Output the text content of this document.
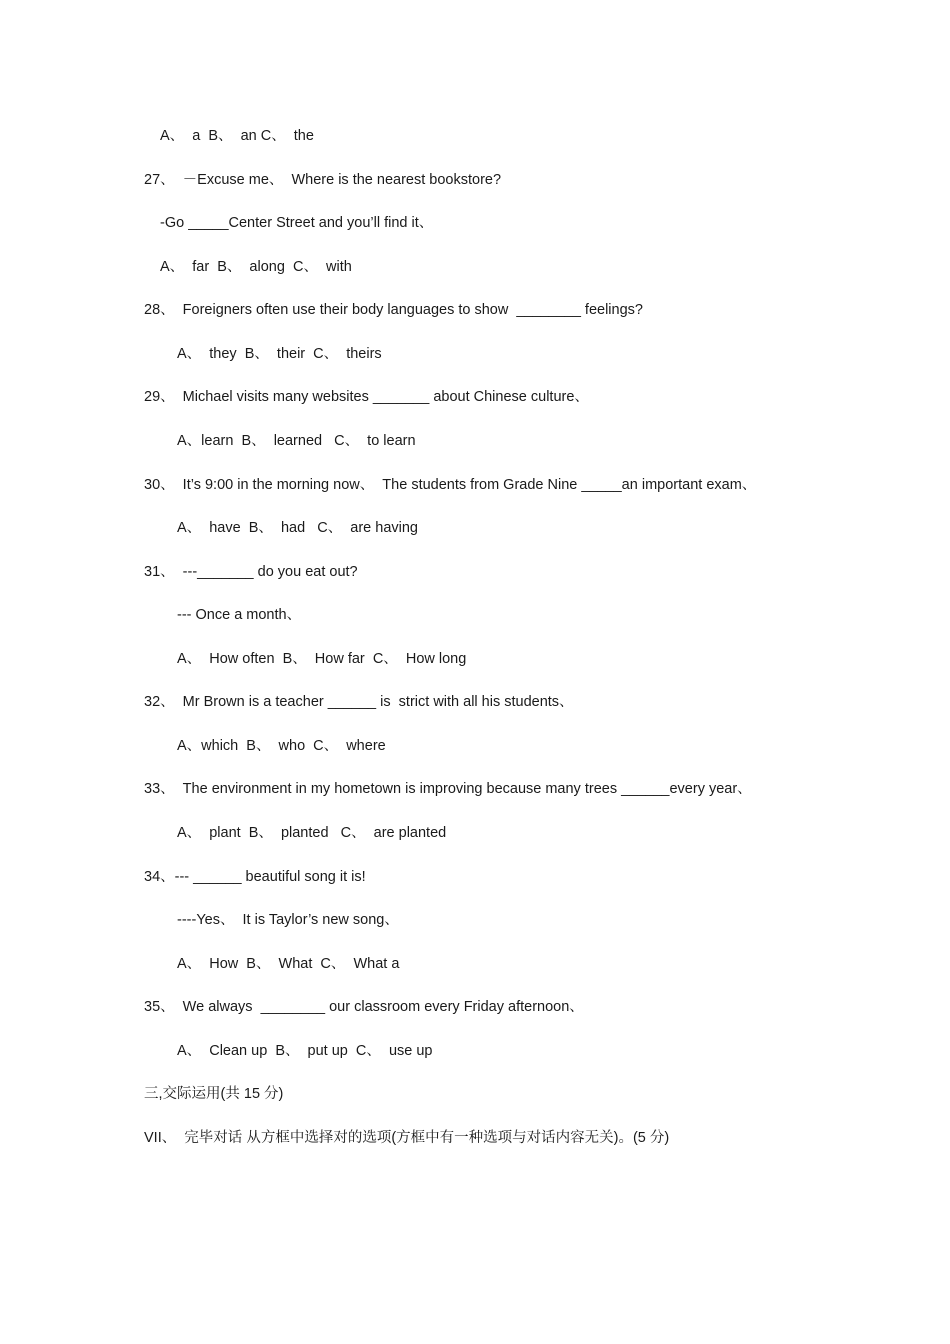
A、  a  B、  an C、  the
27、  －Excuse me、  Where is the nearest bookstore?
-Go _____Center Street and you’ll find it、
A、  far  B、  along  C、  with
28、  Foreigners often use their body languages to show  ________ feelings?
A、  they  B、  their  C、  theirs
29、  Michael visits many websites _______ about Chinese culture、
A、learn  B、  learned   C、  to learn
30、  It’s 9:00 in the morning now、  The students from Grade Nine _____an important exam、
A、  have  B、  had   C、  are having
31、  ---_______ do you eat out?
--- Once a month、
A、  How often  B、  How far  C、  How long
32、  Mr Brown is a teacher ______ is  strict with all his students、
A、which  B、  who  C、  where
33、  The environment in my hometown is improving because many trees ______every year、
A、  plant  B、  planted   C、  are planted
34、--- ______ beautiful song it is!
----Yes、  It is Taylor’s new song、
A、  How  B、  What  C、  What a
35、  We always  ________ our classroom every Friday afternoon、
A、  Clean up  B、  put up  C、  use up
三,交际运用(共 15 分)
VII、  完毕对话 从方框中选择对的选项(方框中有一种选项与对话内容无关)。(5 分)
